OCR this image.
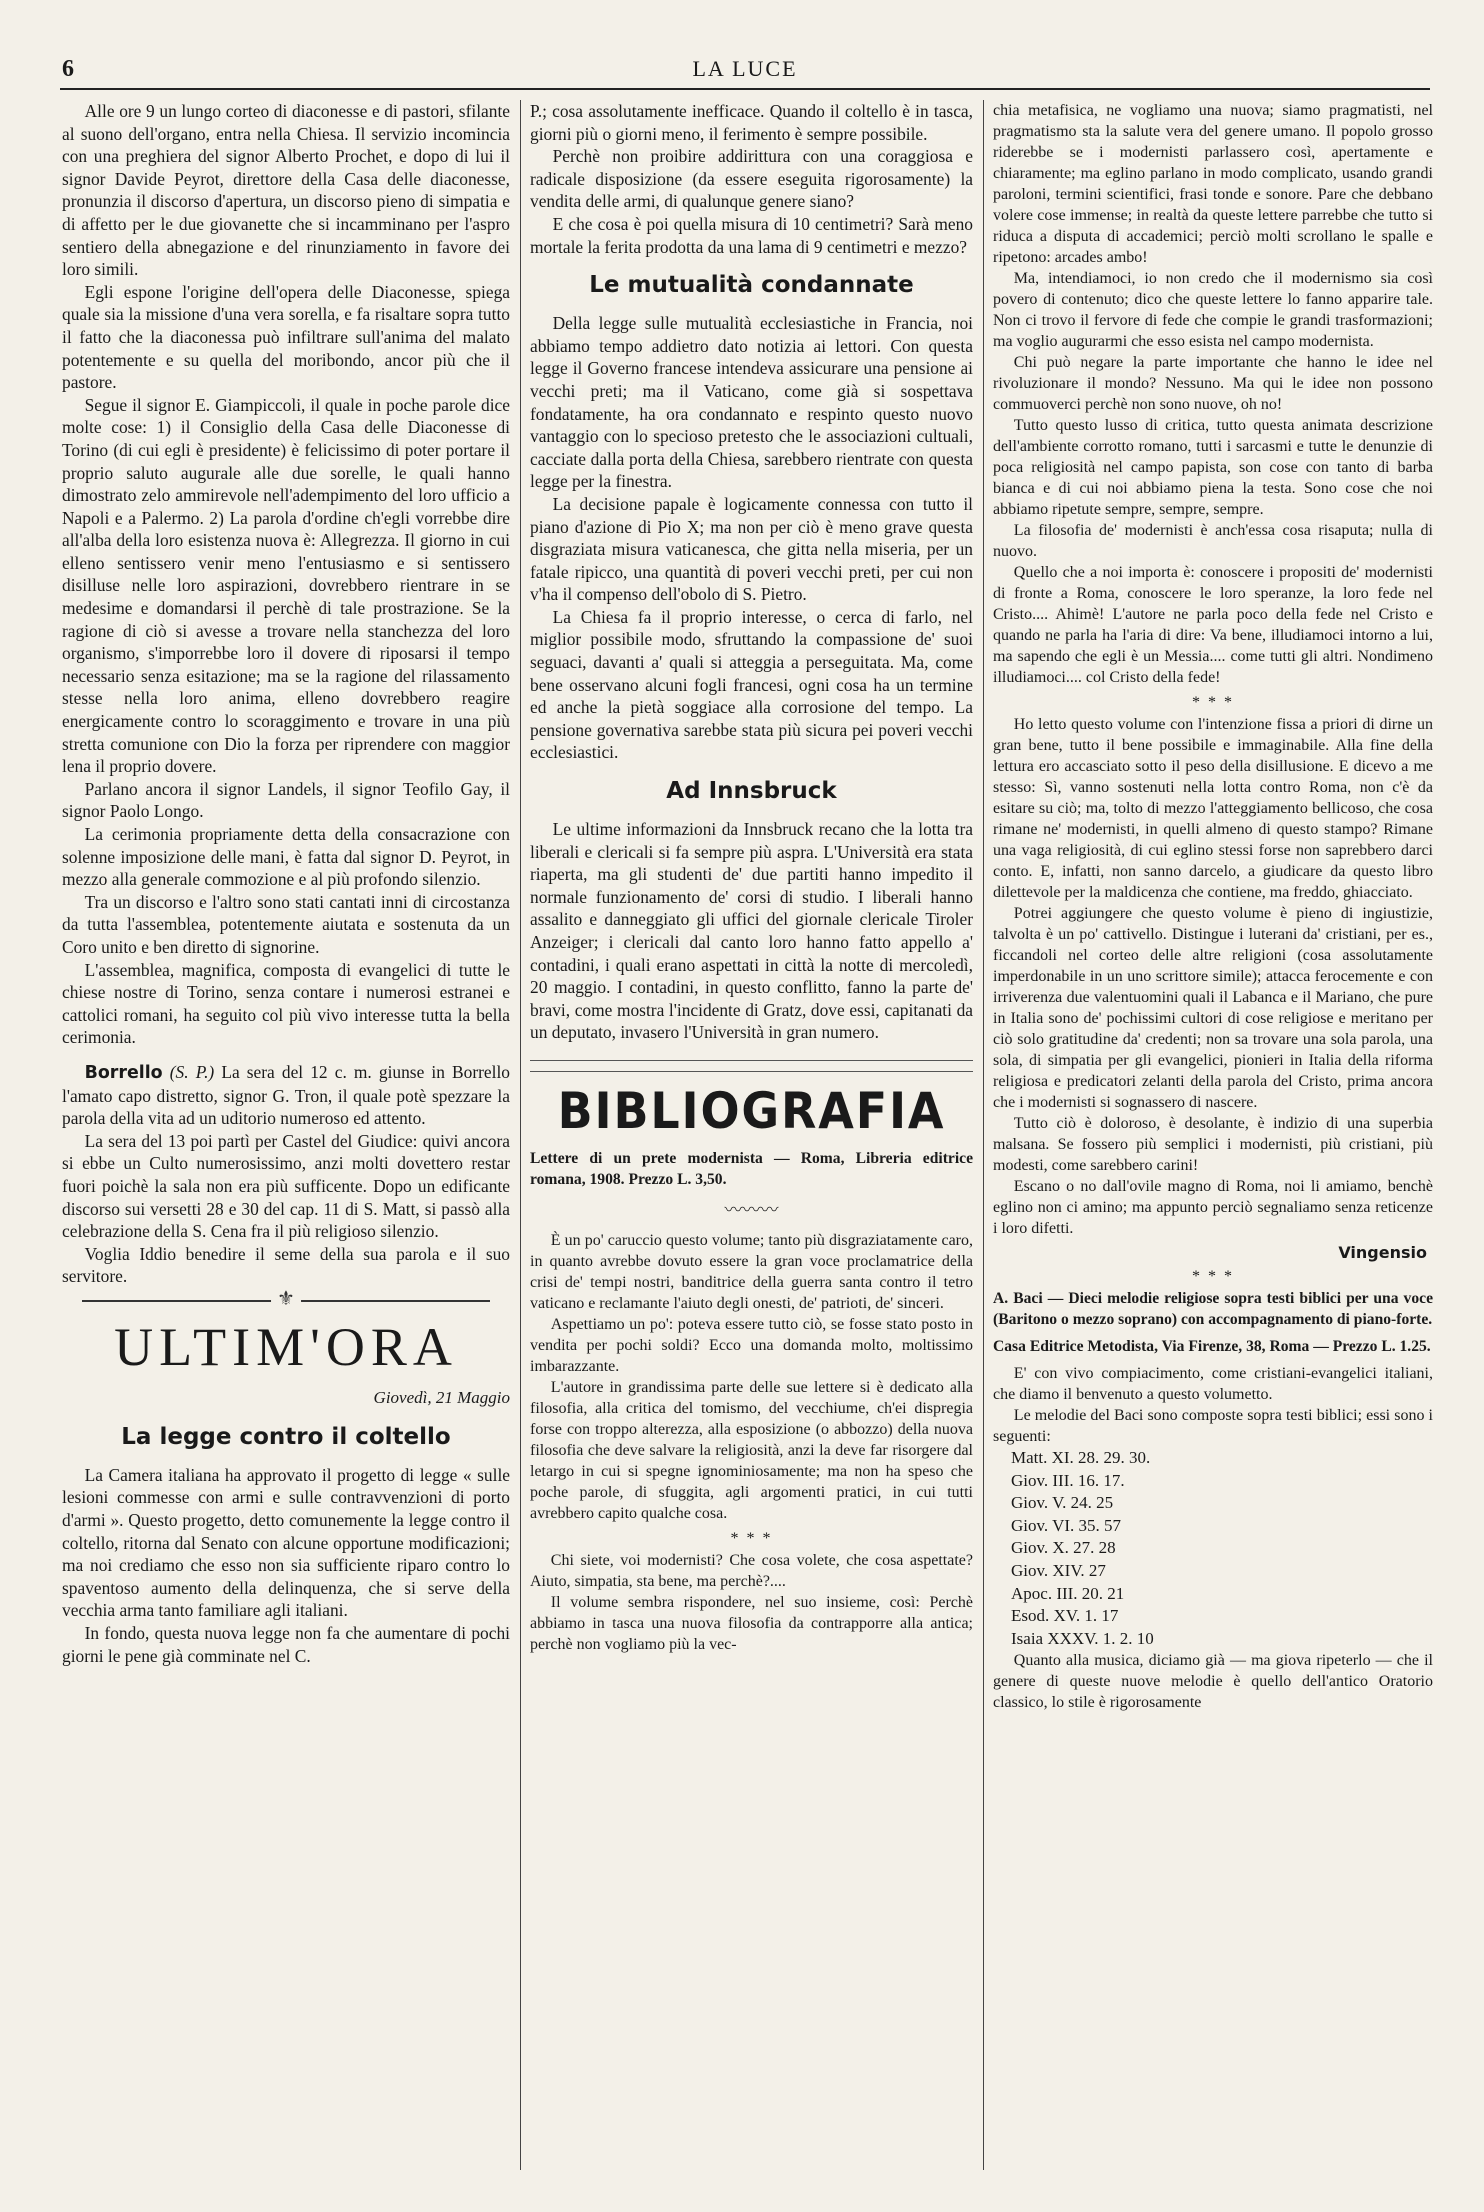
6	LA LUCE

Alle ore 9 un lungo corteo di diaconesse e di pastori, sfilante al suono dell'organo, entra nella Chiesa. Il servizio incomincia con una preghiera del signor Alberto Prochet, e dopo di lui il signor Davide Peyrot, direttore della Casa delle diaconesse, pronunzia il discorso d'apertura, un discorso pieno di simpatia e di affetto per le due giovanette che si incamminano per l'aspro sentiero della abnegazione e del rinunziamento in favore dei loro simili.

Egli espone l'origine dell'opera delle Diaconesse, spiega quale sia la missione d'una vera sorella, e fa risaltare sopra tutto il fatto che la diaconessa può infiltrare sull'anima del malato potentemente e su quella del moribondo, ancor più che il pastore.

Segue il signor E. Giampiccoli, il quale in poche parole dice molte cose: 1) il Consiglio della Casa delle Diaconesse di Torino (di cui egli è presidente) è felicissimo di poter portare il proprio saluto augurale alle due sorelle, le quali hanno dimostrato zelo ammirevole nell'adempimento del loro ufficio a Napoli e a Palermo. 2) La parola d'ordine ch'egli vorrebbe dire all'alba della loro esistenza nuova è: Allegrezza. Il giorno in cui elleno sentissero venir meno l'entusiasmo e si sentissero disilluse nelle loro aspirazioni, dovrebbero rientrare in se medesime e domandarsi il perchè di tale prostrazione. Se la ragione di ciò si avesse a trovare nella stanchezza del loro organismo, s'imporrebbe loro il dovere di riposarsi il tempo necessario senza esitazione; ma se la ragione del rilassamento stesse nella loro anima, elleno dovrebbero reagire energicamente contro lo scoraggimento e trovare in una più stretta comunione con Dio la forza per riprendere con maggior lena il proprio dovere.

Parlano ancora il signor Landels, il signor Teofilo Gay, il signor Paolo Longo.

La cerimonia propriamente detta della consacrazione con solenne imposizione delle mani, è fatta dal signor D. Peyrot, in mezzo alla generale commozione e al più profondo silenzio.

Tra un discorso e l'altro sono stati cantati inni di circostanza da tutta l'assemblea, potentemente aiutata e sostenuta da un Coro unito e ben diretto di signorine.

L'assemblea, magnifica, composta di evangelici di tutte le chiese nostre di Torino, senza contare i numerosi estranei e cattolici romani, ha seguito col più vivo interesse tutta la bella cerimonia.

Borrello (S. P.) La sera del 12 c. m. giunse in Borrello l'amato capo distretto, signor G. Tron, il quale potè spezzare la parola della vita ad un uditorio numeroso ed attento.

La sera del 13 poi partì per Castel del Giudice: quivi ancora si ebbe un Culto numerosissimo, anzi molti dovettero restar fuori poichè la sala non era più sufficente. Dopo un edificante discorso sui versetti 28 e 30 del cap. 11 di S. Matt, si passò alla celebrazione della S. Cena fra il più religioso silenzio.

Voglia Iddio benedire il seme della sua parola e il suo servitore.

⚜
ULTIM'ORA
Giovedì, 21 Maggio
La legge contro il coltello

La Camera italiana ha approvato il progetto di legge « sulle lesioni commesse con armi e sulle contravvenzioni di porto d'armi ». Questo progetto, detto comunemente la legge contro il coltello, ritorna dal Senato con alcune opportune modificazioni; ma noi crediamo che esso non sia sufficiente riparo contro lo spaventoso aumento della delinquenza, che si serve della vecchia arma tanto familiare agli italiani.

In fondo, questa nuova legge non fa che aumentare di pochi giorni le pene già comminate nel C.

P.; cosa assolutamente inefficace. Quando il coltello è in tasca, giorni più o giorni meno, il ferimento è sempre possibile.

Perchè non proibire addirittura con una coraggiosa e radicale disposizione (da essere eseguita rigorosamente) la vendita delle armi, di qualunque genere siano?

E che cosa è poi quella misura di 10 centimetri? Sarà meno mortale la ferita prodotta da una lama di 9 centimetri e mezzo?

Le mutualità condannate

Della legge sulle mutualità ecclesiastiche in Francia, noi abbiamo tempo addietro dato notizia ai lettori. Con questa legge il Governo francese intendeva assicurare una pensione ai vecchi preti; ma il Vaticano, come già si sospettava fondatamente, ha ora condannato e respinto questo nuovo vantaggio con lo specioso pretesto che le associazioni cultuali, cacciate dalla porta della Chiesa, sarebbero rientrate con questa legge per la finestra.

La decisione papale è logicamente connessa con tutto il piano d'azione di Pio X; ma non per ciò è meno grave questa disgraziata misura vaticanesca, che gitta nella miseria, per un fatale ripicco, una quantità di poveri vecchi preti, per cui non v'ha il compenso dell'obolo di S. Pietro.

La Chiesa fa il proprio interesse, o cerca di farlo, nel miglior possibile modo, sfruttando la compassione de' suoi seguaci, davanti a' quali si atteggia a perseguitata. Ma, come bene osservano alcuni fogli francesi, ogni cosa ha un termine ed anche la pietà soggiace alla corrosione del tempo. La pensione governativa sarebbe stata più sicura pei poveri vecchi ecclesiastici.

Ad Innsbruck

Le ultime informazioni da Innsbruck recano che la lotta tra liberali e clericali si fa sempre più aspra. L'Università era stata riaperta, ma gli studenti de' due partiti hanno impedito il normale funzionamento de' corsi di studio. I liberali hanno assalito e danneggiato gli uffici del giornale clericale Tiroler Anzeiger; i clericali dal canto loro hanno fatto appello a' contadini, i quali erano aspettati in città la notte di mercoledì, 20 maggio. I contadini, in questo conflitto, fanno la parte de' bravi, come mostra l'incidente di Gratz, dove essi, capitanati da un deputato, invasero l'Università in gran numero.

BIBLIOGRAFIA

Lettere di un prete modernista — Roma, Libreria editrice romana, 1908. Prezzo L. 3,50.

〰〰〰

È un po' caruccio questo volume; tanto più disgraziatamente caro, in quanto avrebbe dovuto essere la gran voce proclamatrice della crisi de' tempi nostri, banditrice della guerra santa contro il tetro vaticano e reclamante l'aiuto degli onesti, de' patrioti, de' sinceri.

Aspettiamo un po': poteva essere tutto ciò, se fosse stato posto in vendita per pochi soldi? Ecco una domanda molto, moltissimo imbarazzante.

L'autore in grandissima parte delle sue lettere si è dedicato alla filosofia, alla critica del tomismo, del vecchiume, ch'ei dispregia forse con troppo alterezza, alla esposizione (o abbozzo) della nuova filosofia che deve salvare la religiosità, anzi la deve far risorgere dal letargo in cui si spegne ignominiosamente; ma non ha speso che poche parole, di sfuggita, agli argomenti pratici, in cui tutti avrebbero capito qualche cosa.

* * *

Chi siete, voi modernisti? Che cosa volete, che cosa aspettate? Aiuto, simpatia, sta bene, ma perchè?....

Il volume sembra rispondere, nel suo insieme, così: Perchè abbiamo in tasca una nuova filosofia da contrapporre alla antica; perchè non vogliamo più la vec-

chia metafisica, ne vogliamo una nuova; siamo pragmatisti, nel pragmatismo sta la salute vera del genere umano. Il popolo grosso riderebbe se i modernisti parlassero così, apertamente e chiaramente; ma eglino parlano in modo complicato, usando grandi paroloni, termini scientifici, frasi tonde e sonore. Pare che debbano volere cose immense; in realtà da queste lettere parrebbe che tutto si riduca a disputa di accademici; perciò molti scrollano le spalle e ripetono: arcades ambo!

Ma, intendiamoci, io non credo che il modernismo sia così povero di contenuto; dico che queste lettere lo fanno apparire tale. Non ci trovo il fervore di fede che compie le grandi trasformazioni; ma voglio augurarmi che esso esista nel campo modernista.

Chi può negare la parte importante che hanno le idee nel rivoluzionare il mondo? Nessuno. Ma qui le idee non possono commuoverci perchè non sono nuove, oh no!

Tutto questo lusso di critica, tutto questa animata descrizione dell'ambiente corrotto romano, tutti i sarcasmi e tutte le denunzie di poca religiosità nel campo papista, son cose con tanto di barba bianca e di cui noi abbiamo piena la testa. Sono cose che noi abbiamo ripetute sempre, sempre, sempre.

La filosofia de' modernisti è anch'essa cosa risaputa; nulla di nuovo.

Quello che a noi importa è: conoscere i propositi de' modernisti di fronte a Roma, conoscere le loro speranze, la loro fede nel Cristo.... Ahimè! L'autore ne parla poco della fede nel Cristo e quando ne parla ha l'aria di dire: Va bene, illudiamoci intorno a lui, ma sapendo che egli è un Messia.... come tutti gli altri. Nondimeno illudiamoci.... col Cristo della fede!

* * *

Ho letto questo volume con l'intenzione fissa a priori di dirne un gran bene, tutto il bene possibile e immaginabile. Alla fine della lettura ero accasciato sotto il peso della disillusione. E dicevo a me stesso: Sì, vanno sostenuti nella lotta contro Roma, non c'è da esitare su ciò; ma, tolto di mezzo l'atteggiamento bellicoso, che cosa rimane ne' modernisti, in quelli almeno di questo stampo? Rimane una vaga religiosità, di cui eglino stessi forse non saprebbero darci conto. E, infatti, non sanno darcelo, a giudicare da questo libro dilettevole per la maldicenza che contiene, ma freddo, ghiacciato.

Potrei aggiungere che questo volume è pieno di ingiustizie, talvolta è un po' cattivello. Distingue i luterani da' cristiani, per es., ficcandoli nel corteo delle altre religioni (cosa assolutamente imperdonabile in un uno scrittore simile); attacca ferocemente e con irriverenza due valentuomini quali il Labanca e il Mariano, che pure in Italia sono de' pochissimi cultori di cose religiose e meritano per ciò solo gratitudine da' credenti; non sa trovare una sola parola, una sola, di simpatia per gli evangelici, pionieri in Italia della riforma religiosa e predicatori zelanti della parola del Cristo, prima ancora che i modernisti si sognassero di nascere.

Tutto ciò è doloroso, è desolante, è indizio di una superbia malsana. Se fossero più semplici i modernisti, più cristiani, più modesti, come sarebbero carini!

Escano o no dall'ovile magno di Roma, noi li amiamo, benchè eglino non ci amino; ma appunto perciò segnaliamo senza reticenze i loro difetti.

Vingensio
* * *

A. Baci — Dieci melodie religiose sopra testi biblici per una voce (Baritono o mezzo soprano) con accompagnamento di piano-forte.

Casa Editrice Metodista, Via Firenze, 38, Roma — Prezzo L. 1.25.

E' con vivo compiacimento, come cristiani-evangelici italiani, che diamo il benvenuto a questo volumetto.

Le melodie del Baci sono composte sopra testi biblici; essi sono i seguenti:

Matt. XI. 28. 29. 30.
Giov. III. 16. 17.
Giov. V. 24. 25
Giov. VI. 35. 57
Giov. X. 27. 28
Giov. XIV. 27
Apoc. III. 20. 21
Esod. XV. 1. 17
Isaia XXXV. 1. 2. 10

Quanto alla musica, diciamo già — ma giova ripeterlo — che il genere di queste nuove melodie è quello dell'antico Oratorio classico, lo stile è rigorosamente
